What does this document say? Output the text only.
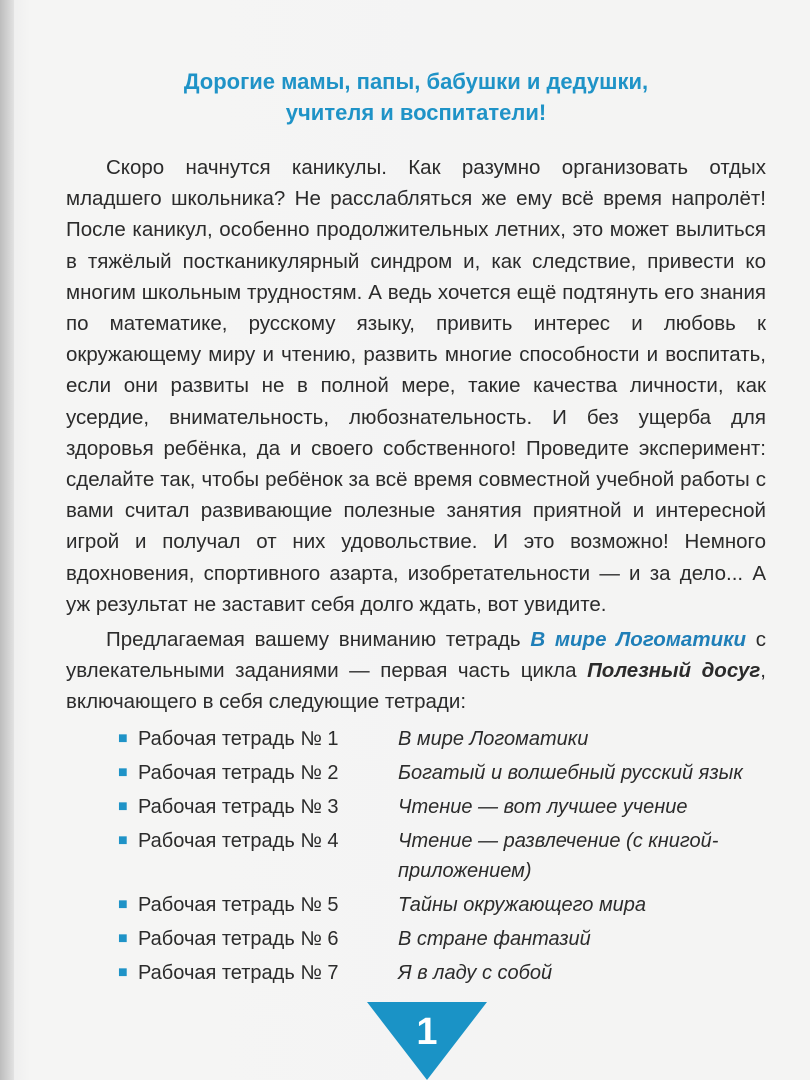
Дорогие мамы, папы, бабушки и дедушки,
учителя и воспитатели!

Скоро начнутся каникулы. Как разумно организовать отдых младшего школьника? Не расслабляться же ему всё время напролёт! После каникул, особенно продолжительных летних, это может вылиться в тяжёлый постканикулярный синдром и, как следствие, привести ко многим школьным трудностям. А ведь хочется ещё подтянуть его знания по математике, русскому языку, привить интерес и любовь к окружающему миру и чтению, развить многие способности и воспитать, если они развиты не в полной мере, такие качества личности, как усердие, внимательность, любознательность. И без ущерба для здоровья ребёнка, да и своего собственного! Проведите эксперимент: сделайте так, чтобы ребёнок за всё время совместной учебной работы с вами считал развивающие полезные занятия приятной и интересной игрой и получал от них удовольствие. И это возможно! Немного вдохновения, спортивного азарта, изобретательности — и за дело... А уж результат не заставит себя долго ждать, вот увидите.

Предлагаемая вашему вниманию тетрадь В мире Логоматики с увлекательными заданиями — первая часть цикла Полезный досуг, включающего в себя следующие тетради:

■ Рабочая тетрадь № 1	В мире Логоматики
■ Рабочая тетрадь № 2	Богатый и волшебный русский язык
■ Рабочая тетрадь № 3	Чтение — вот лучшее учение
■ Рабочая тетрадь № 4	Чтение — развлечение (с книгой-приложением)
■ Рабочая тетрадь № 5	Тайны окружающего мира
■ Рабочая тетрадь № 6	В стране фантазий
■ Рабочая тетрадь № 7	Я в ладу с собой
1
